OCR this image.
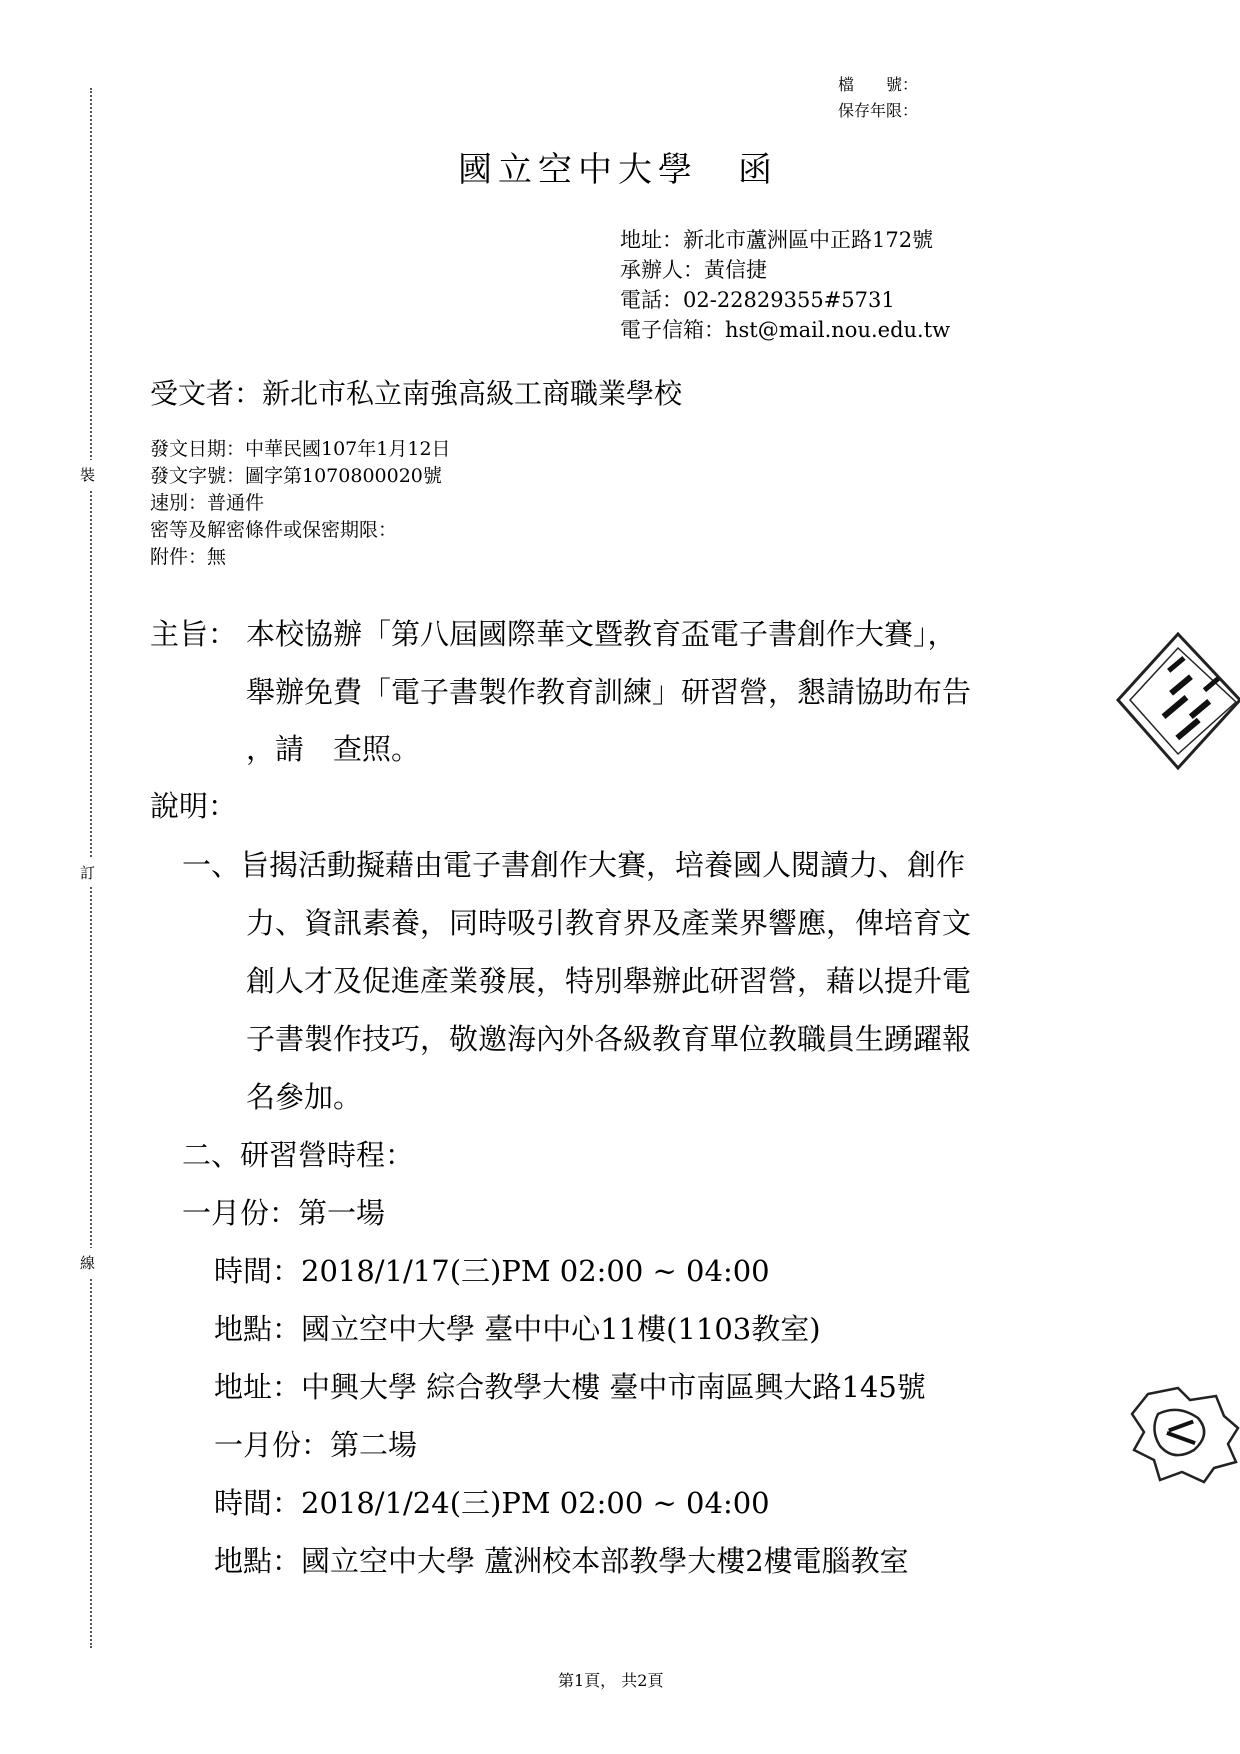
裝
訂
線
檔　　號：
保存年限：
國立空中大學　函
地址：新北市蘆洲區中正路172號
承辦人：黃信捷
電話：02-22829355#5731
電子信箱：hst@mail.nou.edu.tw
受文者：新北市私立南強高級工商職業學校
發文日期：中華民國107年1月12日
發文字號：圖字第1070800020號
速別：普通件
密等及解密條件或保密期限：
附件：無
主旨： 本校協辦「第八屆國際華文暨教育盃電子書創作大賽」，
舉辦免費「電子書製作教育訓練」研習營，懇請協助布告
，請　查照。
說明：
一、旨揭活動擬藉由電子書創作大賽，培養國人閱讀力、創作
力、資訊素養，同時吸引教育界及產業界響應，俾培育文
創人才及促進產業發展，特別舉辦此研習營，藉以提升電
子書製作技巧，敬邀海內外各級教育單位教職員生踴躍報
名參加。
二、研習營時程：
一月份：第一場
時間：2018/1/17(三)PM 02:00 ~ 04:00
地點：國立空中大學 臺中中心11樓(1103教室)
地址：中興大學 綜合教學大樓 臺中市南區興大路145號
一月份：第二場
時間：2018/1/24(三)PM 02:00 ~ 04:00
地點：國立空中大學 蘆洲校本部教學大樓2樓電腦教室
第1頁， 共2頁
